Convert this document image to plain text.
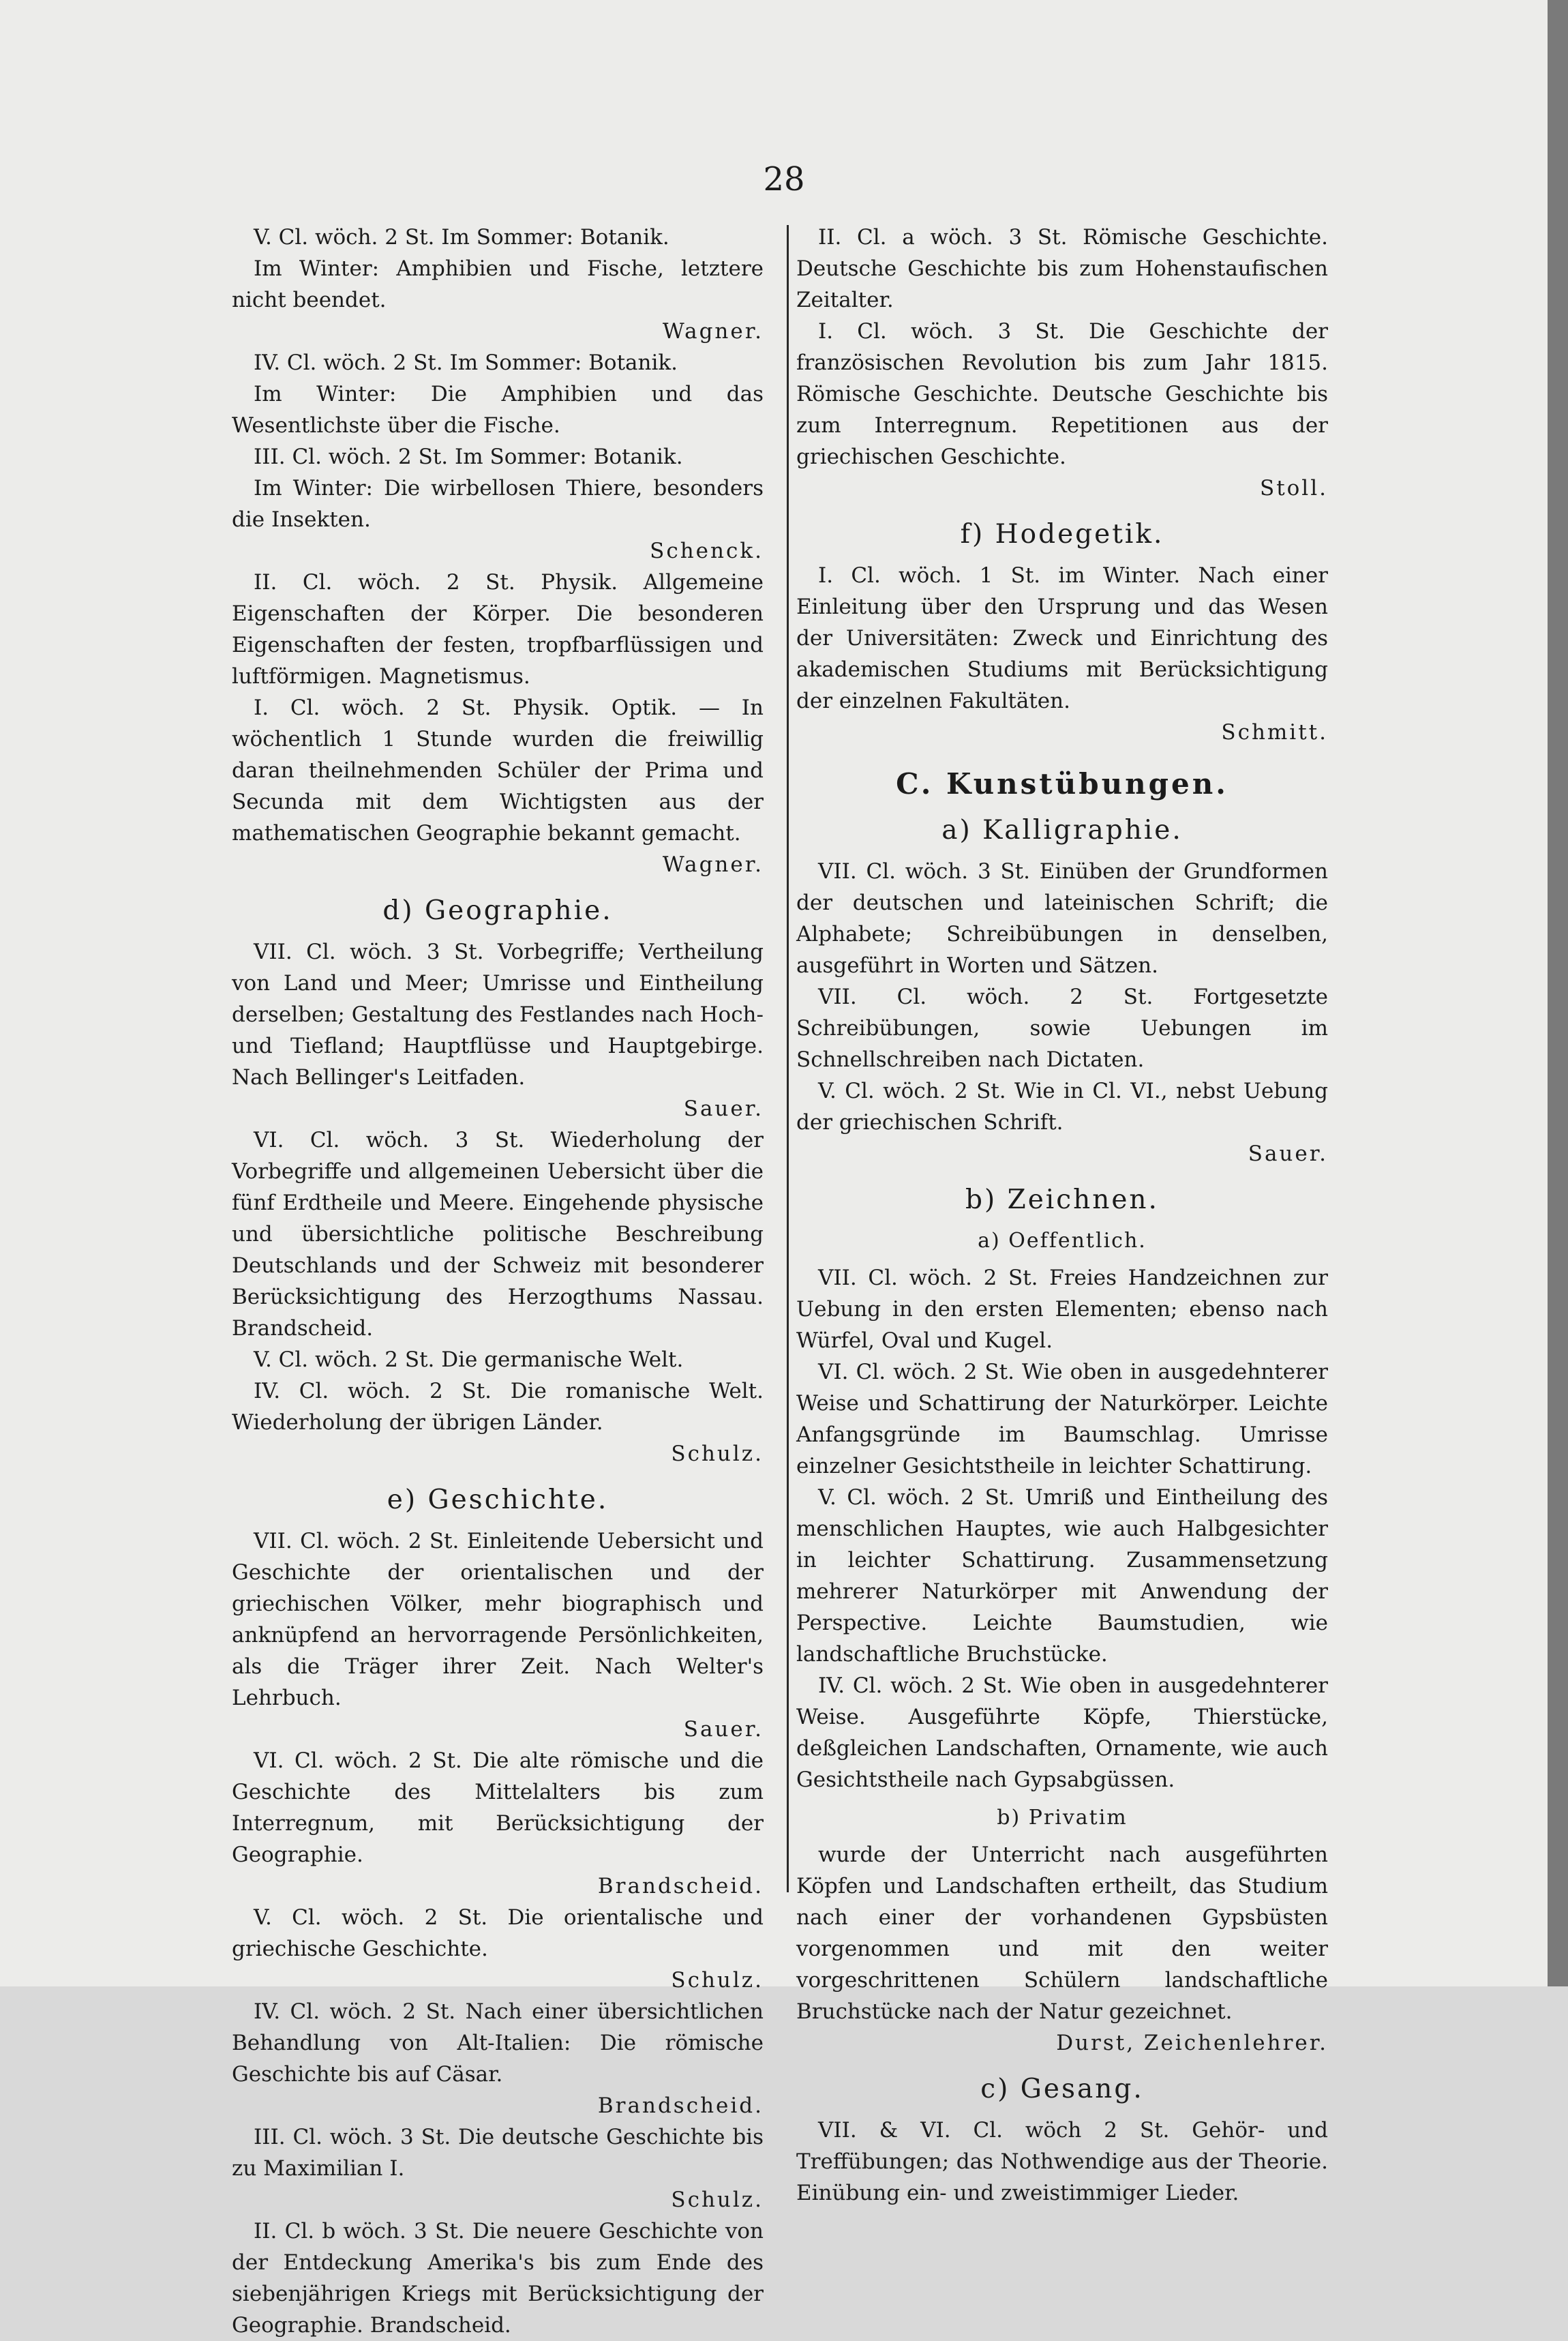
28

V. Cl. wöch. 2 St. Im Sommer: Botanik.

Im Winter: Amphibien und Fische, letztere nicht beendet.

Wagner.

IV. Cl. wöch. 2 St. Im Sommer: Botanik.

Im Winter: Die Amphibien und das Wesentlichste über die Fische.

III. Cl. wöch. 2 St. Im Sommer: Botanik.

Im Winter: Die wirbellosen Thiere, besonders die Insekten.

Schenck.

II. Cl. wöch. 2 St. Physik. Allgemeine Eigenschaften der Körper. Die besonderen Eigenschaften der festen, tropfbarflüssigen und luftförmigen. Magnetismus.

I. Cl. wöch. 2 St. Physik. Optik. — In wöchentlich 1 Stunde wurden die freiwillig daran theilnehmenden Schüler der Prima und Secunda mit dem Wichtigsten aus der mathematischen Geographie bekannt gemacht.

Wagner.

d) Geographie.

VII. Cl. wöch. 3 St. Vorbegriffe; Vertheilung von Land und Meer; Umrisse und Eintheilung derselben; Gestaltung des Festlandes nach Hoch- und Tiefland; Hauptflüsse und Hauptgebirge. Nach Bellinger's Leitfaden.

Sauer.

VI. Cl. wöch. 3 St. Wiederholung der Vorbegriffe und allgemeinen Uebersicht über die fünf Erdtheile und Meere. Eingehende physische und übersichtliche politische Beschreibung Deutschlands und der Schweiz mit besonderer Berücksichtigung des Herzogthums Nassau. Brandscheid.

V. Cl. wöch. 2 St. Die germanische Welt.

IV. Cl. wöch. 2 St. Die romanische Welt. Wiederholung der übrigen Länder.

Schulz.

e) Geschichte.

VII. Cl. wöch. 2 St. Einleitende Uebersicht und Geschichte der orientalischen und der griechischen Völker, mehr biographisch und anknüpfend an hervorragende Persönlichkeiten, als die Träger ihrer Zeit. Nach Welter's Lehrbuch.

Sauer.

VI. Cl. wöch. 2 St. Die alte römische und die Geschichte des Mittelalters bis zum Interregnum, mit Berücksichtigung der Geographie.

Brandscheid.

V. Cl. wöch. 2 St. Die orientalische und griechische Geschichte.

Schulz.

IV. Cl. wöch. 2 St. Nach einer übersichtlichen Behandlung von Alt-Italien: Die römische Geschichte bis auf Cäsar.

Brandscheid.

III. Cl. wöch. 3 St. Die deutsche Geschichte bis zu Maximilian I.

Schulz.

II. Cl. b wöch. 3 St. Die neuere Geschichte von der Entdeckung Amerika's bis zum Ende des siebenjährigen Kriegs mit Berücksichtigung der Geographie. Brandscheid.

II. Cl. a wöch. 3 St. Römische Geschichte. Deutsche Geschichte bis zum Hohenstaufischen Zeitalter.

I. Cl. wöch. 3 St. Die Geschichte der französischen Revolution bis zum Jahr 1815. Römische Geschichte. Deutsche Geschichte bis zum Interregnum. Repetitionen aus der griechischen Geschichte.

Stoll.

f) Hodegetik.

I. Cl. wöch. 1 St. im Winter. Nach einer Einleitung über den Ursprung und das Wesen der Universitäten: Zweck und Einrichtung des akademischen Studiums mit Berücksichtigung der einzelnen Fakultäten.

Schmitt.

C. Kunstübungen.
a) Kalligraphie.

VII. Cl. wöch. 3 St. Einüben der Grundformen der deutschen und lateinischen Schrift; die Alphabete; Schreibübungen in denselben, ausgeführt in Worten und Sätzen.

VII. Cl. wöch. 2 St. Fortgesetzte Schreibübungen, sowie Uebungen im Schnellschreiben nach Dictaten.

V. Cl. wöch. 2 St. Wie in Cl. VI., nebst Uebung der griechischen Schrift.

Sauer.

b) Zeichnen.
a) Oeffentlich.

VII. Cl. wöch. 2 St. Freies Handzeichnen zur Uebung in den ersten Elementen; ebenso nach Würfel, Oval und Kugel.

VI. Cl. wöch. 2 St. Wie oben in ausgedehnterer Weise und Schattirung der Naturkörper. Leichte Anfangsgründe im Baumschlag. Umrisse einzelner Gesichtstheile in leichter Schattirung.

V. Cl. wöch. 2 St. Umriß und Eintheilung des menschlichen Hauptes, wie auch Halbgesichter in leichter Schattirung. Zusammensetzung mehrerer Naturkörper mit Anwendung der Perspective. Leichte Baumstudien, wie landschaftliche Bruchstücke.

IV. Cl. wöch. 2 St. Wie oben in ausgedehnterer Weise. Ausgeführte Köpfe, Thierstücke, deßgleichen Landschaften, Ornamente, wie auch Gesichtstheile nach Gypsabgüssen.

b) Privatim

wurde der Unterricht nach ausgeführten Köpfen und Landschaften ertheilt, das Studium nach einer der vorhandenen Gypsbüsten vorgenommen und mit den weiter vorgeschrittenen Schülern landschaftliche Bruchstücke nach der Natur gezeichnet.

Durst, Zeichenlehrer.

c) Gesang.

VII. & VI. Cl. wöch 2 St. Gehör- und Treffübungen; das Nothwendige aus der Theorie. Einübung ein- und zweistimmiger Lieder.
